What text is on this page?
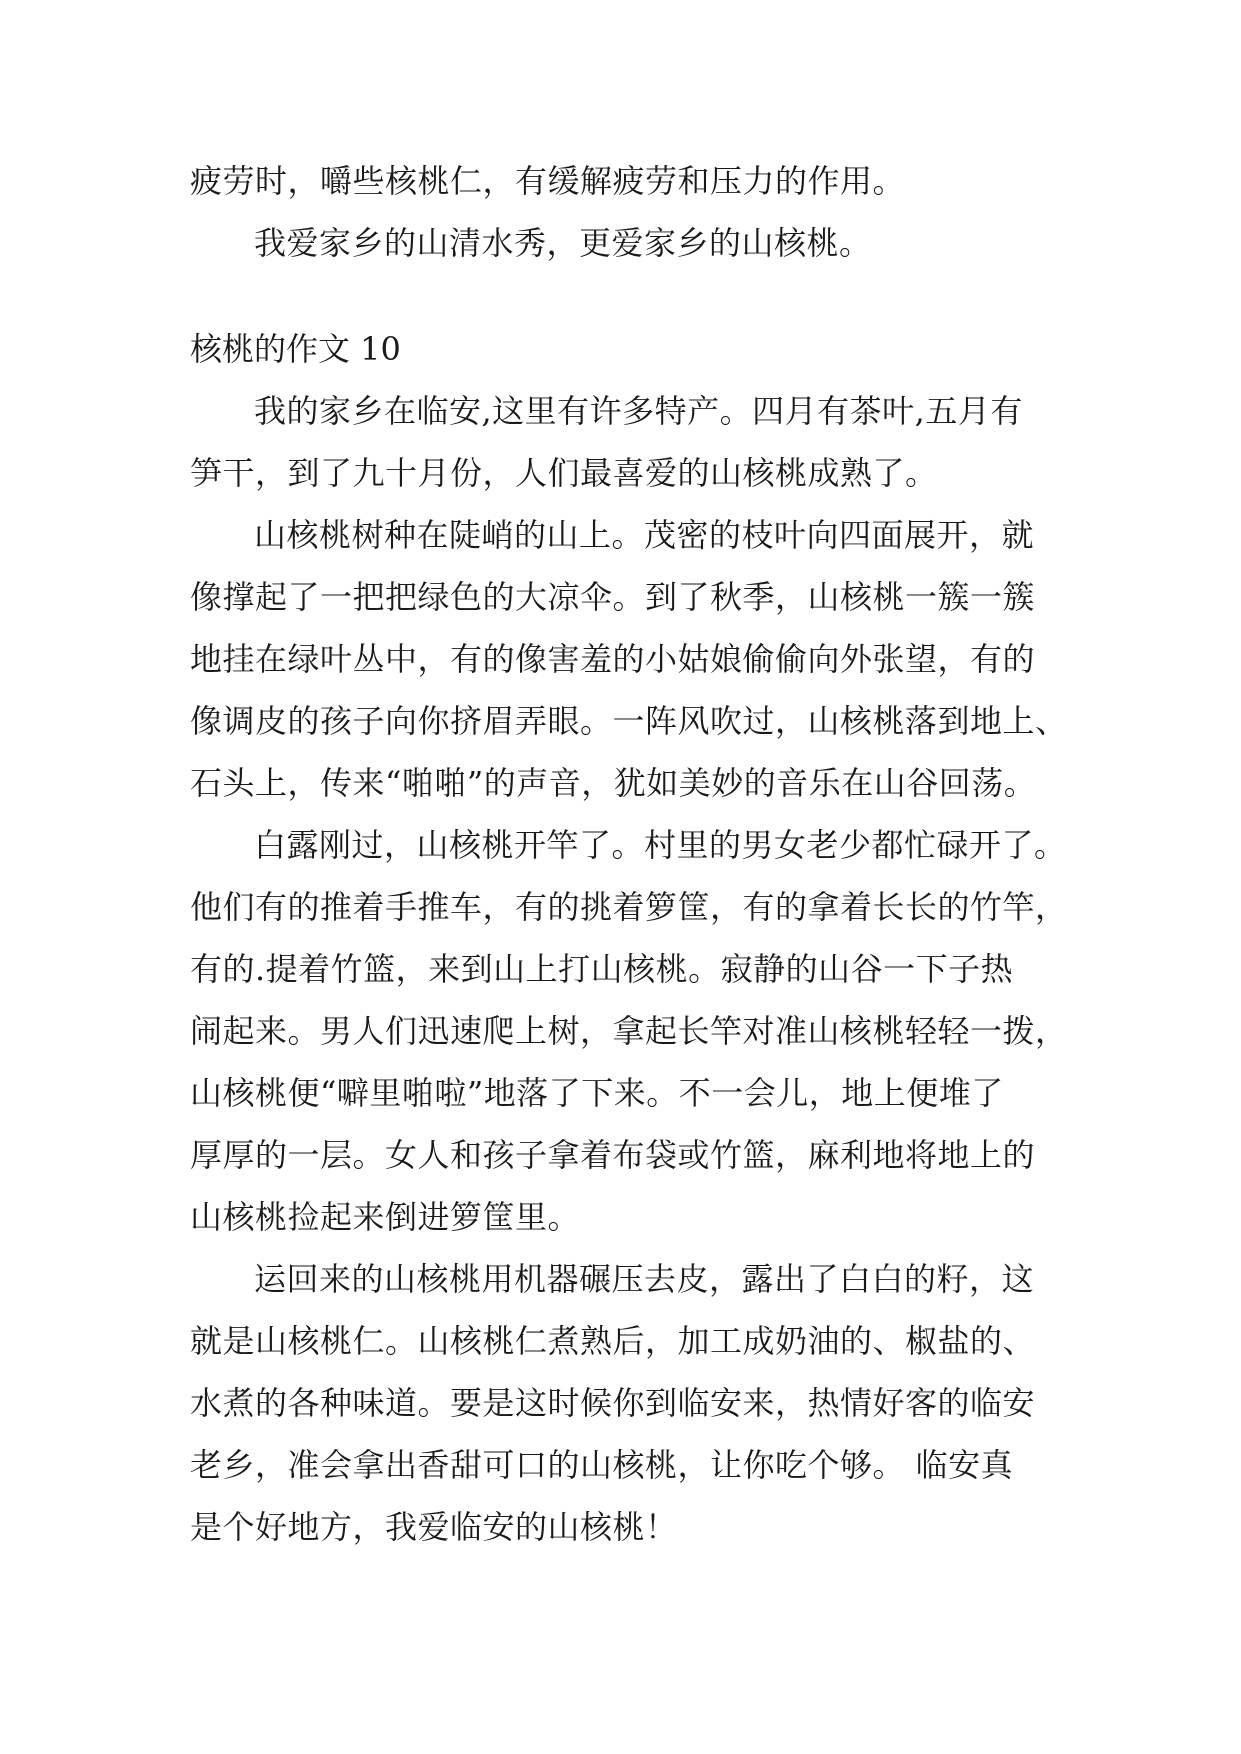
疲劳时，嚼些核桃仁，有缓解疲劳和压力的作用。
我爱家乡的山清水秀，更爱家乡的山核桃。
核桃的作文 10
我的家乡在临安,这里有许多特产。四月有茶叶,五月有
笋干，到了九十月份，人们最喜爱的山核桃成熟了。
山核桃树种在陡峭的山上。茂密的枝叶向四面展开，就
像撑起了一把把绿色的大凉伞。到了秋季，山核桃一簇一簇
地挂在绿叶丛中，有的像害羞的小姑娘偷偷向外张望，有的
像调皮的孩子向你挤眉弄眼。一阵风吹过，山核桃落到地上、
石头上，传来“啪啪”的声音，犹如美妙的音乐在山谷回荡。
白露刚过，山核桃开竿了。村里的男女老少都忙碌开了。
他们有的推着手推车，有的挑着箩筐，有的拿着长长的竹竿，
有的.提着竹篮，来到山上打山核桃。寂静的山谷一下子热
闹起来。男人们迅速爬上树，拿起长竿对准山核桃轻轻一拨，
山核桃便“噼里啪啦”地落了下来。不一会儿，地上便堆了
厚厚的一层。女人和孩子拿着布袋或竹篮，麻利地将地上的
山核桃捡起来倒进箩筐里。
运回来的山核桃用机器碾压去皮，露出了白白的籽，这
就是山核桃仁。山核桃仁煮熟后，加工成奶油的、椒盐的、
水煮的各种味道。要是这时候你到临安来，热情好客的临安
老乡，准会拿出香甜可口的山核桃，让你吃个够。 临安真
是个好地方，我爱临安的山核桃！
